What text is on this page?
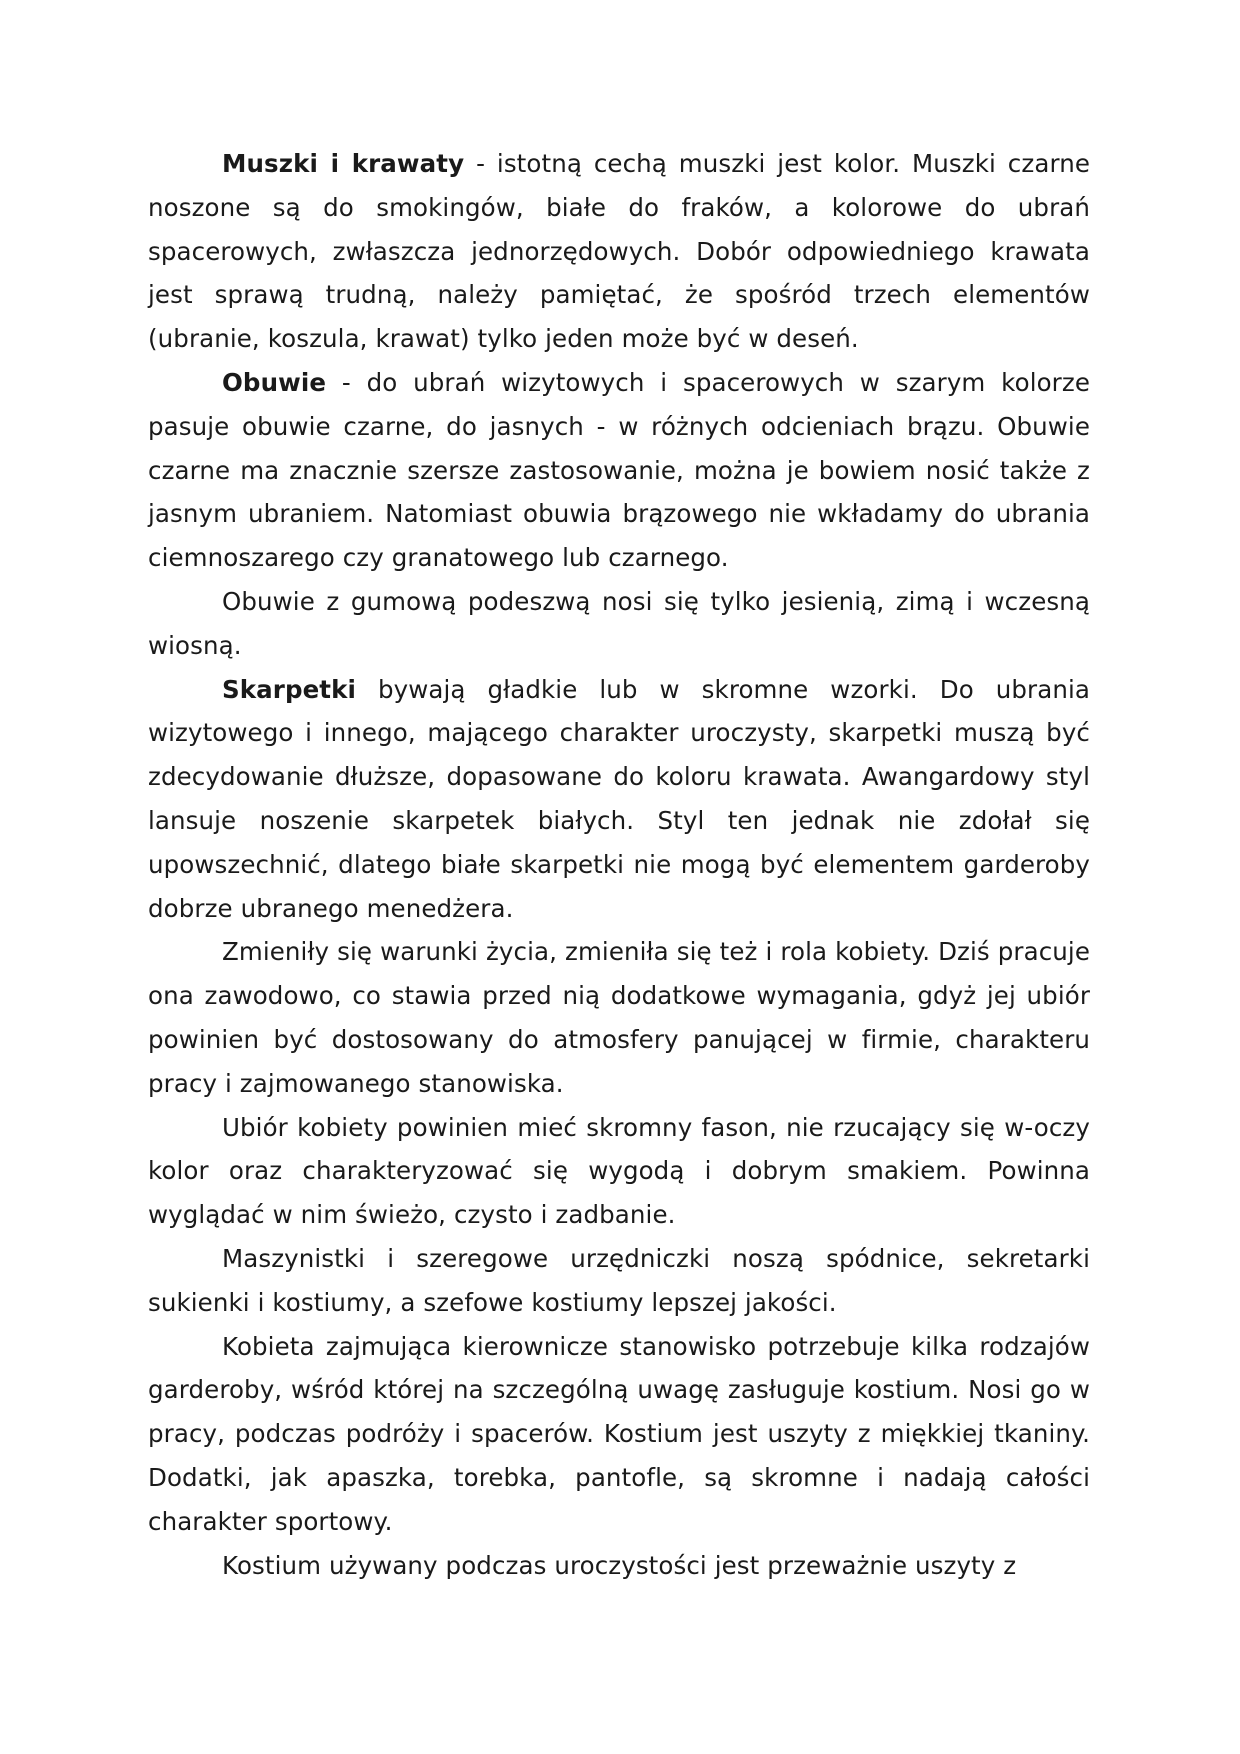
Muszki i krawaty - istotną cechą muszki jest kolor. Muszki czarne noszone są do smokingów, białe do fraków, a kolorowe do ubrań spacerowych, zwłaszcza jednorzędowych. Dobór odpowiedniego krawata jest sprawą trudną, należy pamiętać, że spośród trzech elementów (ubranie, koszula, krawat) tylko jeden może być w deseń.

Obuwie - do ubrań wizytowych i spacerowych w szarym kolorze pasuje obuwie czarne, do jasnych - w różnych odcieniach brązu. Obuwie czarne ma znacznie szersze zastosowanie, można je bowiem nosić także z jasnym ubraniem. Natomiast obuwia brązowego nie wkładamy do ubrania ciemnoszarego czy granatowego lub czarnego.

Obuwie z gumową podeszwą nosi się tylko jesienią, zimą i wczesną wiosną.

Skarpetki bywają gładkie lub w skromne wzorki. Do ubrania wizytowego i innego, mającego charakter uroczysty, skarpetki muszą być zdecydowanie dłuższe, dopasowane do koloru krawata. Awangardowy styl lansuje noszenie skarpetek białych. Styl ten jednak nie zdołał się upowszechnić, dlatego białe skarpetki nie mogą być elementem garderoby dobrze ubranego menedżera.

Zmieniły się warunki życia, zmieniła się też i rola kobiety. Dziś pracuje ona zawodowo, co stawia przed nią dodatkowe wymagania, gdyż jej ubiór powinien być dostosowany do atmosfery panującej w firmie, charakteru pracy i zajmowanego stanowiska.

Ubiór kobiety powinien mieć skromny fason, nie rzucający się w-oczy kolor oraz charakteryzować się wygodą i dobrym smakiem. Powinna wyglądać w nim świeżo, czysto i zadbanie.

Maszynistki i szeregowe urzędniczki noszą spódnice, sekretarki sukienki i kostiumy, a szefowe kostiumy lepszej jakości.

Kobieta zajmująca kierownicze stanowisko potrzebuje kilka rodzajów garderoby, wśród której na szczególną uwagę zasługuje kostium. Nosi go w pracy, podczas podróży i spacerów. Kostium jest uszyty z miękkiej tkaniny. Dodatki, jak apaszka, torebka, pantofle, są skromne i nadają całości charakter sportowy.

Kostium używany podczas uroczystości jest przeważnie uszyty z
